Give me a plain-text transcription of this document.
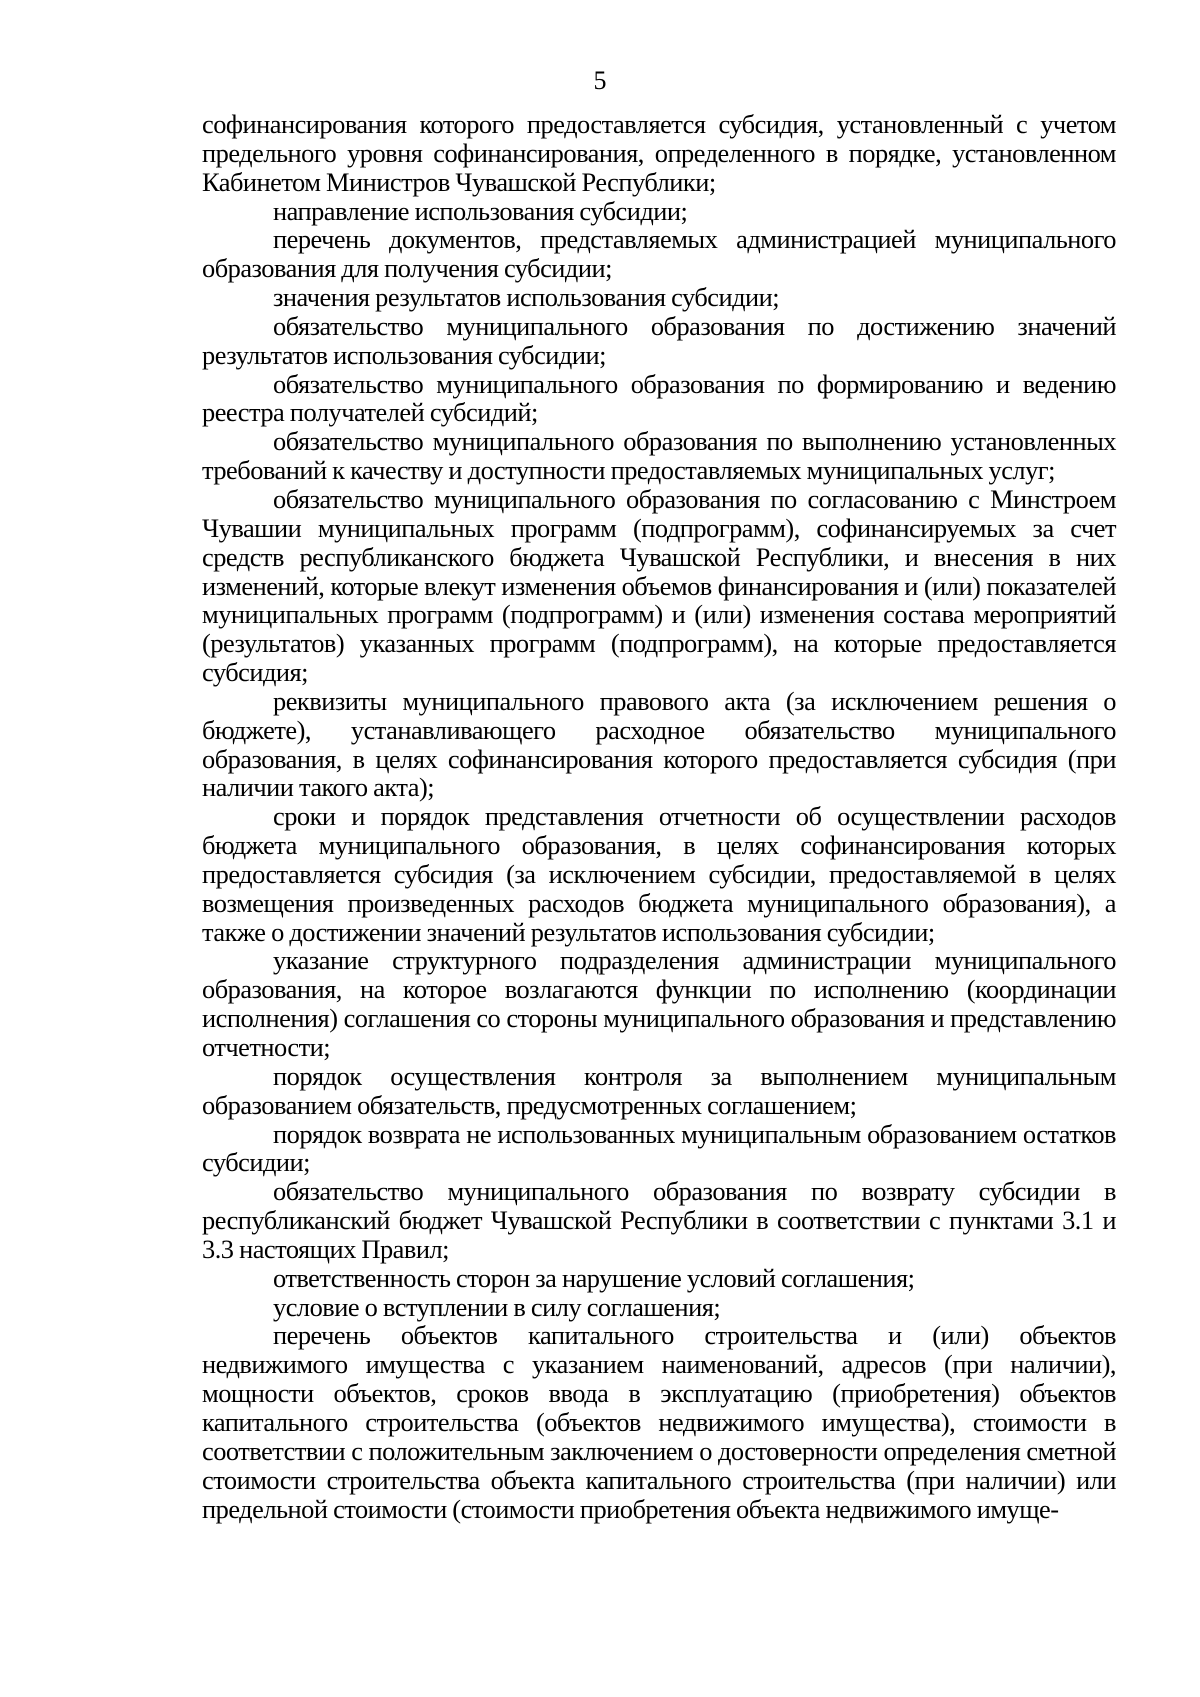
5

софинансирования которого предоставляется субсидия, установленный с учетом предельного уровня софинансирования, определенного в порядке, установленном Кабинетом Министров Чувашской Республики;

направление использования субсидии;

перечень документов, представляемых администрацией муниципального образования для получения субсидии;

значения результатов использования субсидии;

обязательство муниципального образования по достижению значений результатов использования субсидии;

обязательство муниципального образования по формированию и ведению реестра получателей субсидий;

обязательство муниципального образования по выполнению установленных требований к качеству и доступности предоставляемых муниципальных услуг;

обязательство муниципального образования по согласованию с Минстроем Чувашии муниципальных программ (подпрограмм), софинансируемых за счет средств республиканского бюджета Чувашской Республики, и внесения в них изменений, которые влекут изменения объемов финансирования и (или) показателей муниципальных программ (подпрограмм) и (или) изменения состава мероприятий (результатов) указанных программ (подпрограмм), на которые предоставляется субсидия;

реквизиты муниципального правового акта (за исключением решения о бюджете), устанавливающего расходное обязательство муниципального образования, в целях софинансирования которого предоставляется субсидия (при наличии такого акта);

сроки и порядок представления отчетности об осуществлении расходов бюджета муниципального образования, в целях софинансирования которых предоставляется субсидия (за исключением субсидии, предоставляемой в целях возмещения произведенных расходов бюджета муниципального образования), а также о достижении значений результатов использования субсидии;

указание структурного подразделения администрации муниципального образования, на которое возлагаются функции по исполнению (координации исполнения) соглашения со стороны муниципального образования и представлению отчетности;

порядок осуществления контроля за выполнением муниципальным образованием обязательств, предусмотренных соглашением;

порядок возврата не использованных муниципальным образованием остатков субсидии;

обязательство муниципального образования по возврату субсидии в республиканский бюджет Чувашской Республики в соответствии с пунктами 3.1 и 3.3 настоящих Правил;

ответственность сторон за нарушение условий соглашения;

условие о вступлении в силу соглашения;

перечень объектов капитального строительства и (или) объектов недвижимого имущества с указанием наименований, адресов (при наличии), мощности объектов, сроков ввода в эксплуатацию (приобретения) объектов капитального строительства (объектов недвижимого имущества), стоимости в соответствии с положительным заключением о достоверности определения сметной стоимости строительства объекта капитального строительства (при наличии) или предельной стоимости (стоимости приобретения объекта недвижимого имуще-
